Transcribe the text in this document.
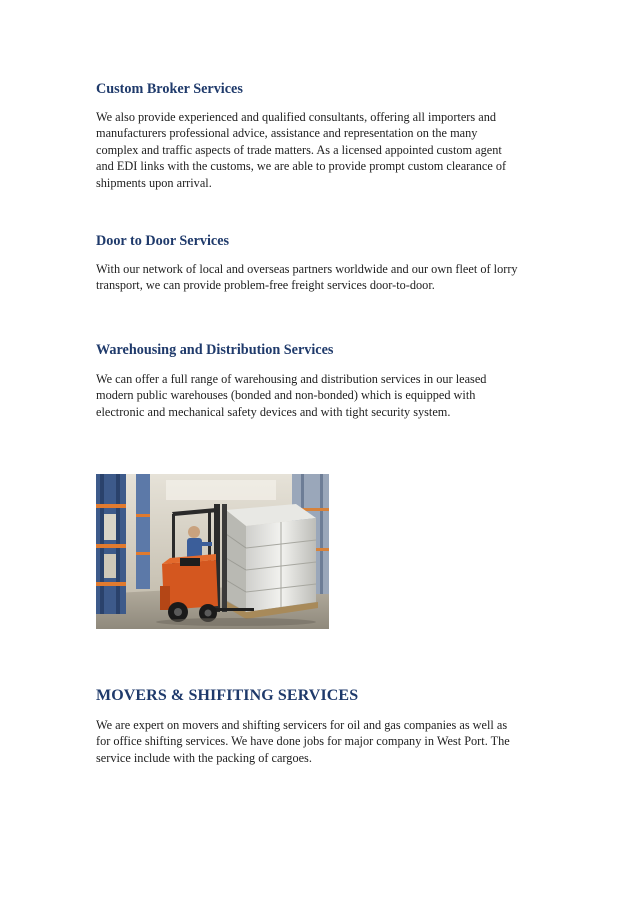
Custom Broker Services

We also provide experienced and qualified consultants, offering all importers and
manufacturers professional advice, assistance and representation on the many
complex and traffic aspects of trade matters. As a licensed appointed custom agent
and EDI links with the customs, we are able to provide prompt custom clearance of
shipments upon arrival.

Door to Door Services

With our network of local and overseas partners worldwide and our own fleet of lorry
transport, we can provide problem-free freight services door-to-door.

Warehousing and Distribution Services

We can offer a full range of warehousing and distribution services in our leased
modern public warehouses (bonded and non-bonded) which is equipped with
electronic and mechanical safety devices and with tight security system.

MOVERS & SHIFITING SERVICES

We are expert on movers and shifting servicers for oil and gas companies as well as
for office shifting services. We have done jobs for major company in West Port. The
service include with the packing of cargoes.
